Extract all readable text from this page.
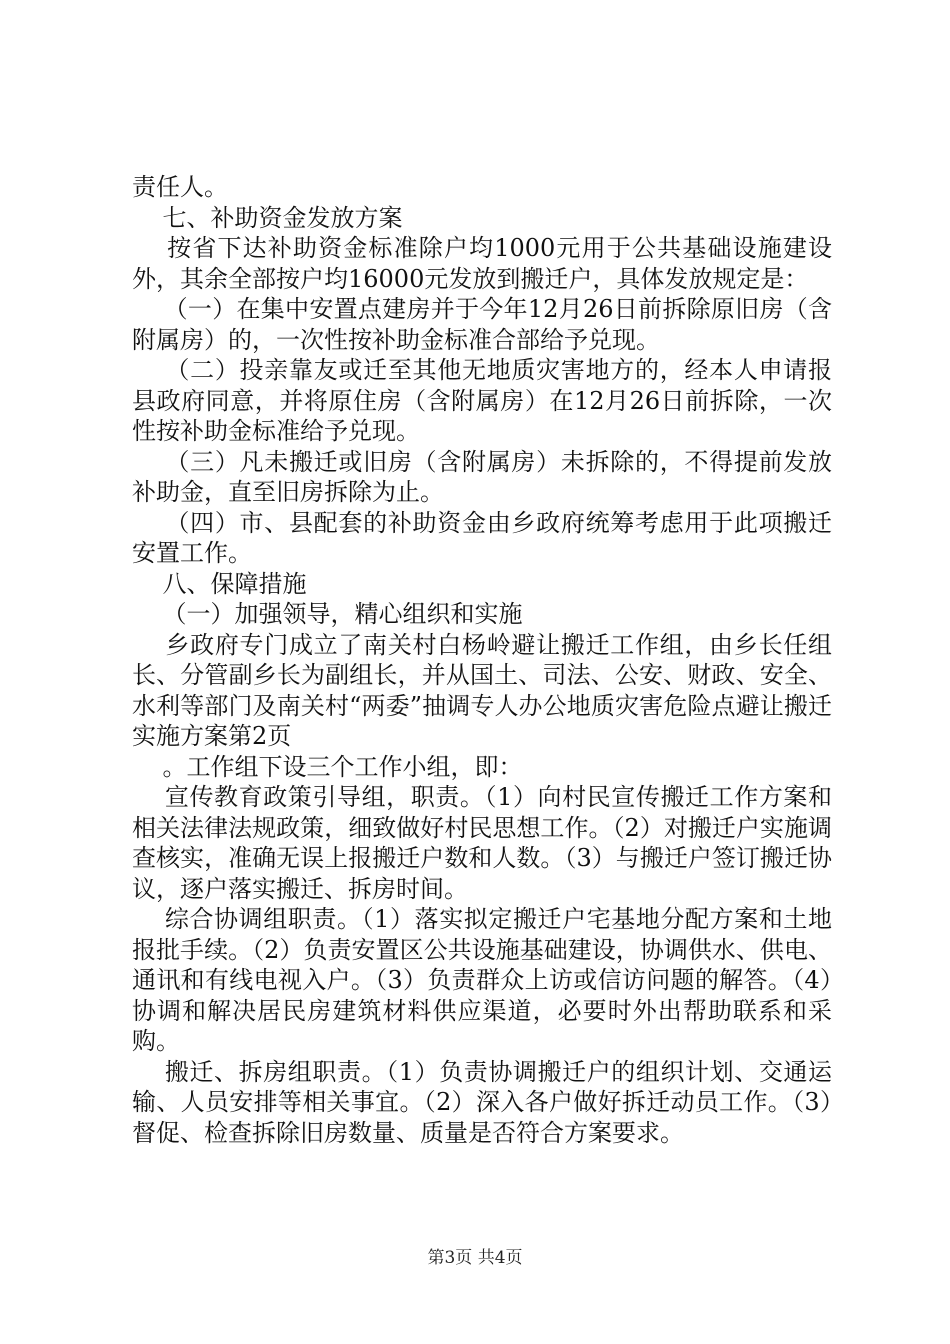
责任人。

七、补助资金发放方案

按省下达补助资金标准除户均1000元用于公共基础设施建设外，其余全部按户均16000元发放到搬迁户，具体发放规定是：

（一）在集中安置点建房并于今年12月26日前拆除原旧房（含附属房）的，一次性按补助金标准合部给予兑现。

（二）投亲靠友或迁至其他无地质灾害地方的，经本人申请报县政府同意，并将原住房（含附属房）在12月26日前拆除，一次性按补助金标准给予兑现。

（三）凡未搬迁或旧房（含附属房）未拆除的，不得提前发放补助金，直至旧房拆除为止。

（四）市、县配套的补助资金由乡政府统筹考虑用于此项搬迁安置工作。

八、保障措施

（一）加强领导，精心组织和实施

乡政府专门成立了南关村白杨岭避让搬迁工作组，由乡长任组长、分管副乡长为副组长，并从国土、司法、公安、财政、安全、水利等部门及南关村“两委”抽调专人办公地质灾害危险点避让搬迁实施方案第2页

。工作组下设三个工作小组，即：

宣传教育政策引导组，职责。（1）向村民宣传搬迁工作方案和相关法律法规政策，细致做好村民思想工作。（2）对搬迁户实施调查核实，准确无误上报搬迁户数和人数。（3）与搬迁户签订搬迁协议，逐户落实搬迁、拆房时间。

综合协调组职责。（1）落实拟定搬迁户宅基地分配方案和土地报批手续。（2）负责安置区公共设施基础建设，协调供水、供电、通讯和有线电视入户。（3）负责群众上访或信访问题的解答。（4）协调和解决居民房建筑材料供应渠道，必要时外出帮助联系和采购。

搬迁、拆房组职责。（1）负责协调搬迁户的组织计划、交通运输、人员安排等相关事宜。（2）深入各户做好拆迁动员工作。（3）督促、检查拆除旧房数量、质量是否符合方案要求。

第3页 共4页
